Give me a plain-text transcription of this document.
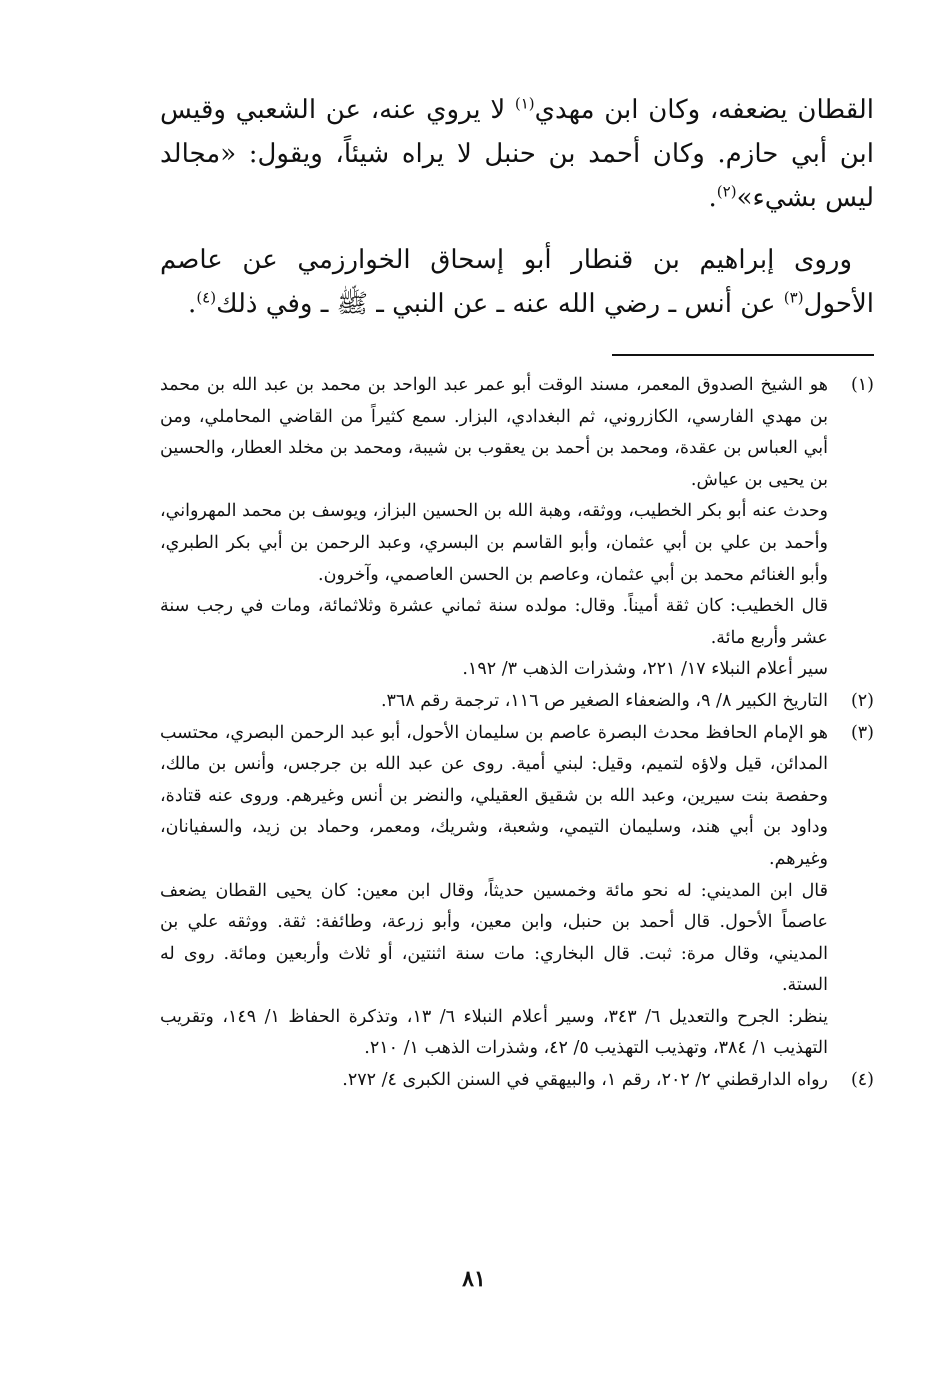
القطان يضعفه، وكان ابن مهدي$^{(١)}$ لا يروي عنه، عن الشعبي وقيس ابن أبي حازم. وكان أحمد بن حنبل لا يراه شيئاً، ويقول: «مجالد ليس بشيء»$^{(٢)}$.

وروى إبراهيم بن قنطار أبو إسحاق الخوارزمي عن عاصم الأحول$^{(٣)}$ عن أنس ـ رضي الله عنه ـ عن النبي ـ ﷺ ـ وفي ذلك$^{(٤)}$.

(١)

هو الشيخ الصدوق المعمر، مسند الوقت أبو عمر عبد الواحد بن محمد بن عبد الله بن محمد بن مهدي الفارسي، الكازروني، ثم البغدادي، البزار. سمع كثيراً من القاضي المحاملي، ومن أبي العباس بن عقدة، ومحمد بن أحمد بن يعقوب بن شيبة، ومحمد بن مخلد العطار، والحسين بن يحيى بن عياش.

وحدث عنه أبو بكر الخطيب، ووثقه، وهبة الله بن الحسين البزاز، ويوسف بن محمد المهرواني، وأحمد بن علي بن أبي عثمان، وأبو القاسم بن البسري، وعبد الرحمن بن أبي بكر الطبري، وأبو الغنائم محمد بن أبي عثمان، وعاصم بن الحسن العاصمي، وآخرون.

قال الخطيب: كان ثقة أميناً. وقال: مولده سنة ثماني عشرة وثلاثمائة، ومات في رجب سنة عشر وأربع مائة.

سير أعلام النبلاء ١٧/ ٢٢١، وشذرات الذهب ٣/ ١٩٢.

(٢)

التاريخ الكبير ٨/ ٩، والضعفاء الصغير ص ١١٦، ترجمة رقم ٣٦٨.

(٣)

هو الإمام الحافظ محدث البصرة عاصم بن سليمان الأحول، أبو عبد الرحمن البصري، محتسب المدائن، قيل ولاؤه لتميم، وقيل: لبني أمية. روى عن عبد الله بن جرجس، وأنس بن مالك، وحفصة بنت سيرين، وعبد الله بن شقيق العقيلي، والنضر بن أنس وغيرهم. وروى عنه قتادة، وداود بن أبي هند، وسليمان التيمي، وشعبة، وشريك، ومعمر، وحماد بن زيد، والسفيانان، وغيرهم.

قال ابن المديني: له نحو مائة وخمسين حديثاً، وقال ابن معين: كان يحيى القطان يضعف عاصماً الأحول. قال أحمد بن حنبل، وابن معين، وأبو زرعة، وطائفة: ثقة. ووثقه علي بن المديني، وقال مرة: ثبت. قال البخاري: مات سنة اثنتين، أو ثلاث وأربعين ومائة. روى له الستة.

ينظر: الجرح والتعديل ٦/ ٣٤٣، وسير أعلام النبلاء ٦/ ١٣، وتذكرة الحفاظ ١/ ١٤٩، وتقريب التهذيب ١/ ٣٨٤، وتهذيب التهذيب ٥/ ٤٢، وشذرات الذهب ١/ ٢١٠.

(٤)

رواه الدارقطني ٢/ ٢٠٢، رقم ١، والبيهقي في السنن الكبرى ٤/ ٢٧٢.

٨١
